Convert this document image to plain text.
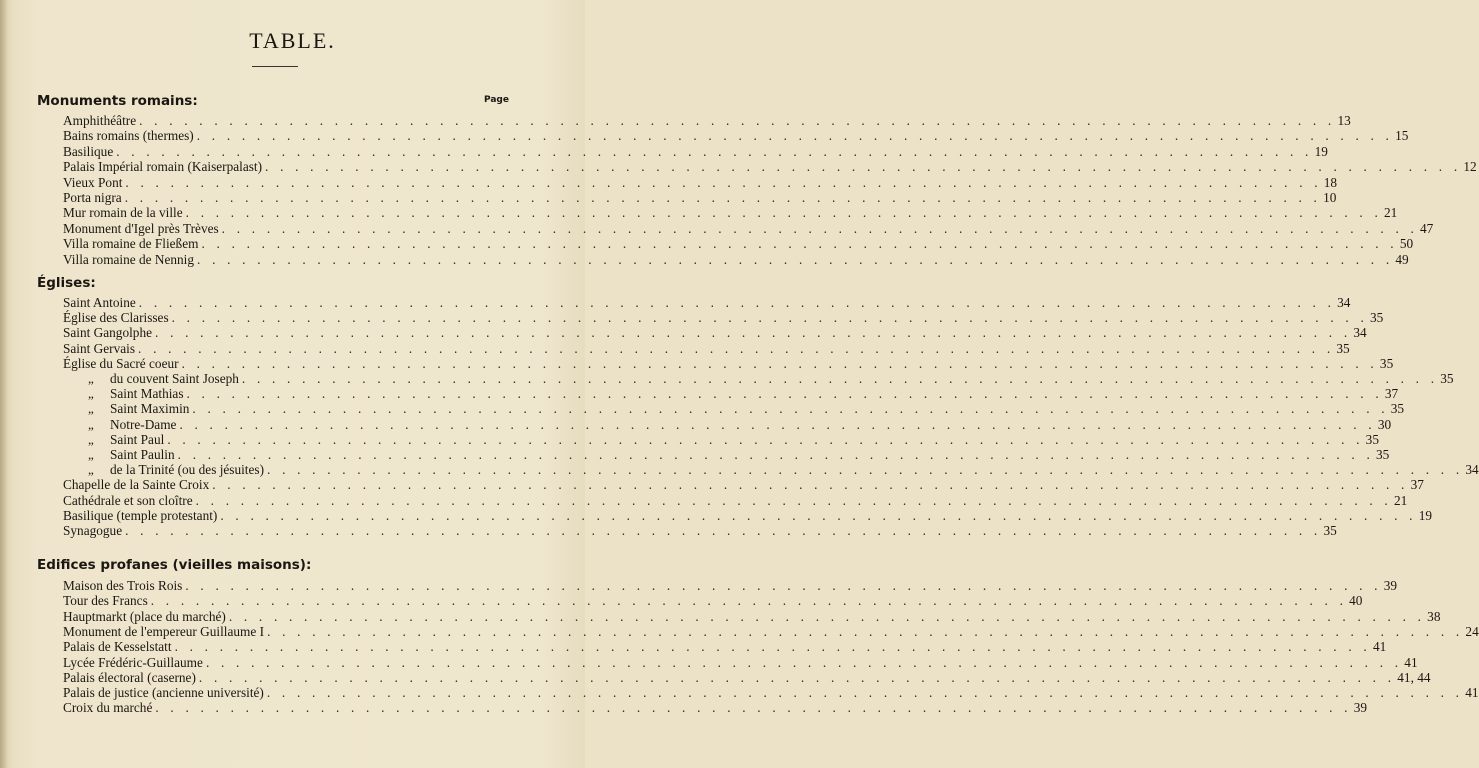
TABLE.
Page
Monuments romains:
Églises:
Edifices profanes (vieilles maisons):
Amphithéâtre . . . . . . . . . . . . . . . . . . . . . . . . . . . . . . . . . . . . . . . . . . . . . . . . . . . . . . . . . . . . . . . . . . . . . . . . . . . . . . . . 13
Bains romains (thermes) . . . . . . . . . . . . . . . . . . . . . . . . . . . . . . . . . . . . . . . . . . . . . . . . . . . . . . . . . . . . . . . . . . . . . . . . . . . . . . . . 15
Basilique . . . . . . . . . . . . . . . . . . . . . . . . . . . . . . . . . . . . . . . . . . . . . . . . . . . . . . . . . . . . . . . . . . . . . . . . . . . . . . . . 19
Palais Impérial romain (Kaiserpalast) . . . . . . . . . . . . . . . . . . . . . . . . . . . . . . . . . . . . . . . . . . . . . . . . . . . . . . . . . . . . . . . . . . . . . . . . . . . . . . . . 12
Vieux Pont . . . . . . . . . . . . . . . . . . . . . . . . . . . . . . . . . . . . . . . . . . . . . . . . . . . . . . . . . . . . . . . . . . . . . . . . . . . . . . . . 18
Porta nigra . . . . . . . . . . . . . . . . . . . . . . . . . . . . . . . . . . . . . . . . . . . . . . . . . . . . . . . . . . . . . . . . . . . . . . . . . . . . . . . . 10
Mur romain de la ville . . . . . . . . . . . . . . . . . . . . . . . . . . . . . . . . . . . . . . . . . . . . . . . . . . . . . . . . . . . . . . . . . . . . . . . . . . . . . . . . 21
Monument d'Igel près Trèves . . . . . . . . . . . . . . . . . . . . . . . . . . . . . . . . . . . . . . . . . . . . . . . . . . . . . . . . . . . . . . . . . . . . . . . . . . . . . . . . 47
Villa romaine de Fließem . . . . . . . . . . . . . . . . . . . . . . . . . . . . . . . . . . . . . . . . . . . . . . . . . . . . . . . . . . . . . . . . . . . . . . . . . . . . . . . . 50
Villa romaine de Nennig . . . . . . . . . . . . . . . . . . . . . . . . . . . . . . . . . . . . . . . . . . . . . . . . . . . . . . . . . . . . . . . . . . . . . . . . . . . . . . . . 49
Saint Antoine . . . . . . . . . . . . . . . . . . . . . . . . . . . . . . . . . . . . . . . . . . . . . . . . . . . . . . . . . . . . . . . . . . . . . . . . . . . . . . . . 34
Église des Clarisses . . . . . . . . . . . . . . . . . . . . . . . . . . . . . . . . . . . . . . . . . . . . . . . . . . . . . . . . . . . . . . . . . . . . . . . . . . . . . . . . 35
Saint Gangolphe . . . . . . . . . . . . . . . . . . . . . . . . . . . . . . . . . . . . . . . . . . . . . . . . . . . . . . . . . . . . . . . . . . . . . . . . . . . . . . . . 34
Saint Gervais . . . . . . . . . . . . . . . . . . . . . . . . . . . . . . . . . . . . . . . . . . . . . . . . . . . . . . . . . . . . . . . . . . . . . . . . . . . . . . . . 35
Église du Sacré coeur . . . . . . . . . . . . . . . . . . . . . . . . . . . . . . . . . . . . . . . . . . . . . . . . . . . . . . . . . . . . . . . . . . . . . . . . . . . . . . . . 35
„ du couvent Saint Joseph . . . . . . . . . . . . . . . . . . . . . . . . . . . . . . . . . . . . . . . . . . . . . . . . . . . . . . . . . . . . . . . . . . . . . . . . . . . . . . . . 35
„ Saint Mathias . . . . . . . . . . . . . . . . . . . . . . . . . . . . . . . . . . . . . . . . . . . . . . . . . . . . . . . . . . . . . . . . . . . . . . . . . . . . . . . . 37
„ Saint Maximin . . . . . . . . . . . . . . . . . . . . . . . . . . . . . . . . . . . . . . . . . . . . . . . . . . . . . . . . . . . . . . . . . . . . . . . . . . . . . . . . 35
„ Notre-Dame . . . . . . . . . . . . . . . . . . . . . . . . . . . . . . . . . . . . . . . . . . . . . . . . . . . . . . . . . . . . . . . . . . . . . . . . . . . . . . . . 30
„ Saint Paul . . . . . . . . . . . . . . . . . . . . . . . . . . . . . . . . . . . . . . . . . . . . . . . . . . . . . . . . . . . . . . . . . . . . . . . . . . . . . . . . 35
„ Saint Paulin . . . . . . . . . . . . . . . . . . . . . . . . . . . . . . . . . . . . . . . . . . . . . . . . . . . . . . . . . . . . . . . . . . . . . . . . . . . . . . . . 35
„ de la Trinité (ou des jésuites) . . . . . . . . . . . . . . . . . . . . . . . . . . . . . . . . . . . . . . . . . . . . . . . . . . . . . . . . . . . . . . . . . . . . . . . . . . . . . . . . 34
Chapelle de la Sainte Croix . . . . . . . . . . . . . . . . . . . . . . . . . . . . . . . . . . . . . . . . . . . . . . . . . . . . . . . . . . . . . . . . . . . . . . . . . . . . . . . . 37
Cathédrale et son cloître . . . . . . . . . . . . . . . . . . . . . . . . . . . . . . . . . . . . . . . . . . . . . . . . . . . . . . . . . . . . . . . . . . . . . . . . . . . . . . . . 21
Basilique (temple protestant) . . . . . . . . . . . . . . . . . . . . . . . . . . . . . . . . . . . . . . . . . . . . . . . . . . . . . . . . . . . . . . . . . . . . . . . . . . . . . . . . 19
Synagogue . . . . . . . . . . . . . . . . . . . . . . . . . . . . . . . . . . . . . . . . . . . . . . . . . . . . . . . . . . . . . . . . . . . . . . . . . . . . . . . . 35
Maison des Trois Rois . . . . . . . . . . . . . . . . . . . . . . . . . . . . . . . . . . . . . . . . . . . . . . . . . . . . . . . . . . . . . . . . . . . . . . . . . . . . . . . . 39
Tour des Francs . . . . . . . . . . . . . . . . . . . . . . . . . . . . . . . . . . . . . . . . . . . . . . . . . . . . . . . . . . . . . . . . . . . . . . . . . . . . . . . . 40
Hauptmarkt (place du marché) . . . . . . . . . . . . . . . . . . . . . . . . . . . . . . . . . . . . . . . . . . . . . . . . . . . . . . . . . . . . . . . . . . . . . . . . . . . . . . . . 38
Monument de l'empereur Guillaume I . . . . . . . . . . . . . . . . . . . . . . . . . . . . . . . . . . . . . . . . . . . . . . . . . . . . . . . . . . . . . . . . . . . . . . . . . . . . . . . . 24
Palais de Kesselstatt . . . . . . . . . . . . . . . . . . . . . . . . . . . . . . . . . . . . . . . . . . . . . . . . . . . . . . . . . . . . . . . . . . . . . . . . . . . . . . . . 41
Lycée Frédéric-Guillaume . . . . . . . . . . . . . . . . . . . . . . . . . . . . . . . . . . . . . . . . . . . . . . . . . . . . . . . . . . . . . . . . . . . . . . . . . . . . . . . . 41
Palais électoral (caserne) . . . . . . . . . . . . . . . . . . . . . . . . . . . . . . . . . . . . . . . . . . . . . . . . . . . . . . . . . . . . . . . . . . . . . . . . . . . . . . . . 41, 44
Palais de justice (ancienne université) . . . . . . . . . . . . . . . . . . . . . . . . . . . . . . . . . . . . . . . . . . . . . . . . . . . . . . . . . . . . . . . . . . . . . . . . . . . . . . . . 41
Croix du marché . . . . . . . . . . . . . . . . . . . . . . . . . . . . . . . . . . . . . . . . . . . . . . . . . . . . . . . . . . . . . . . . . . . . . . . . . . . . . . . . 39
